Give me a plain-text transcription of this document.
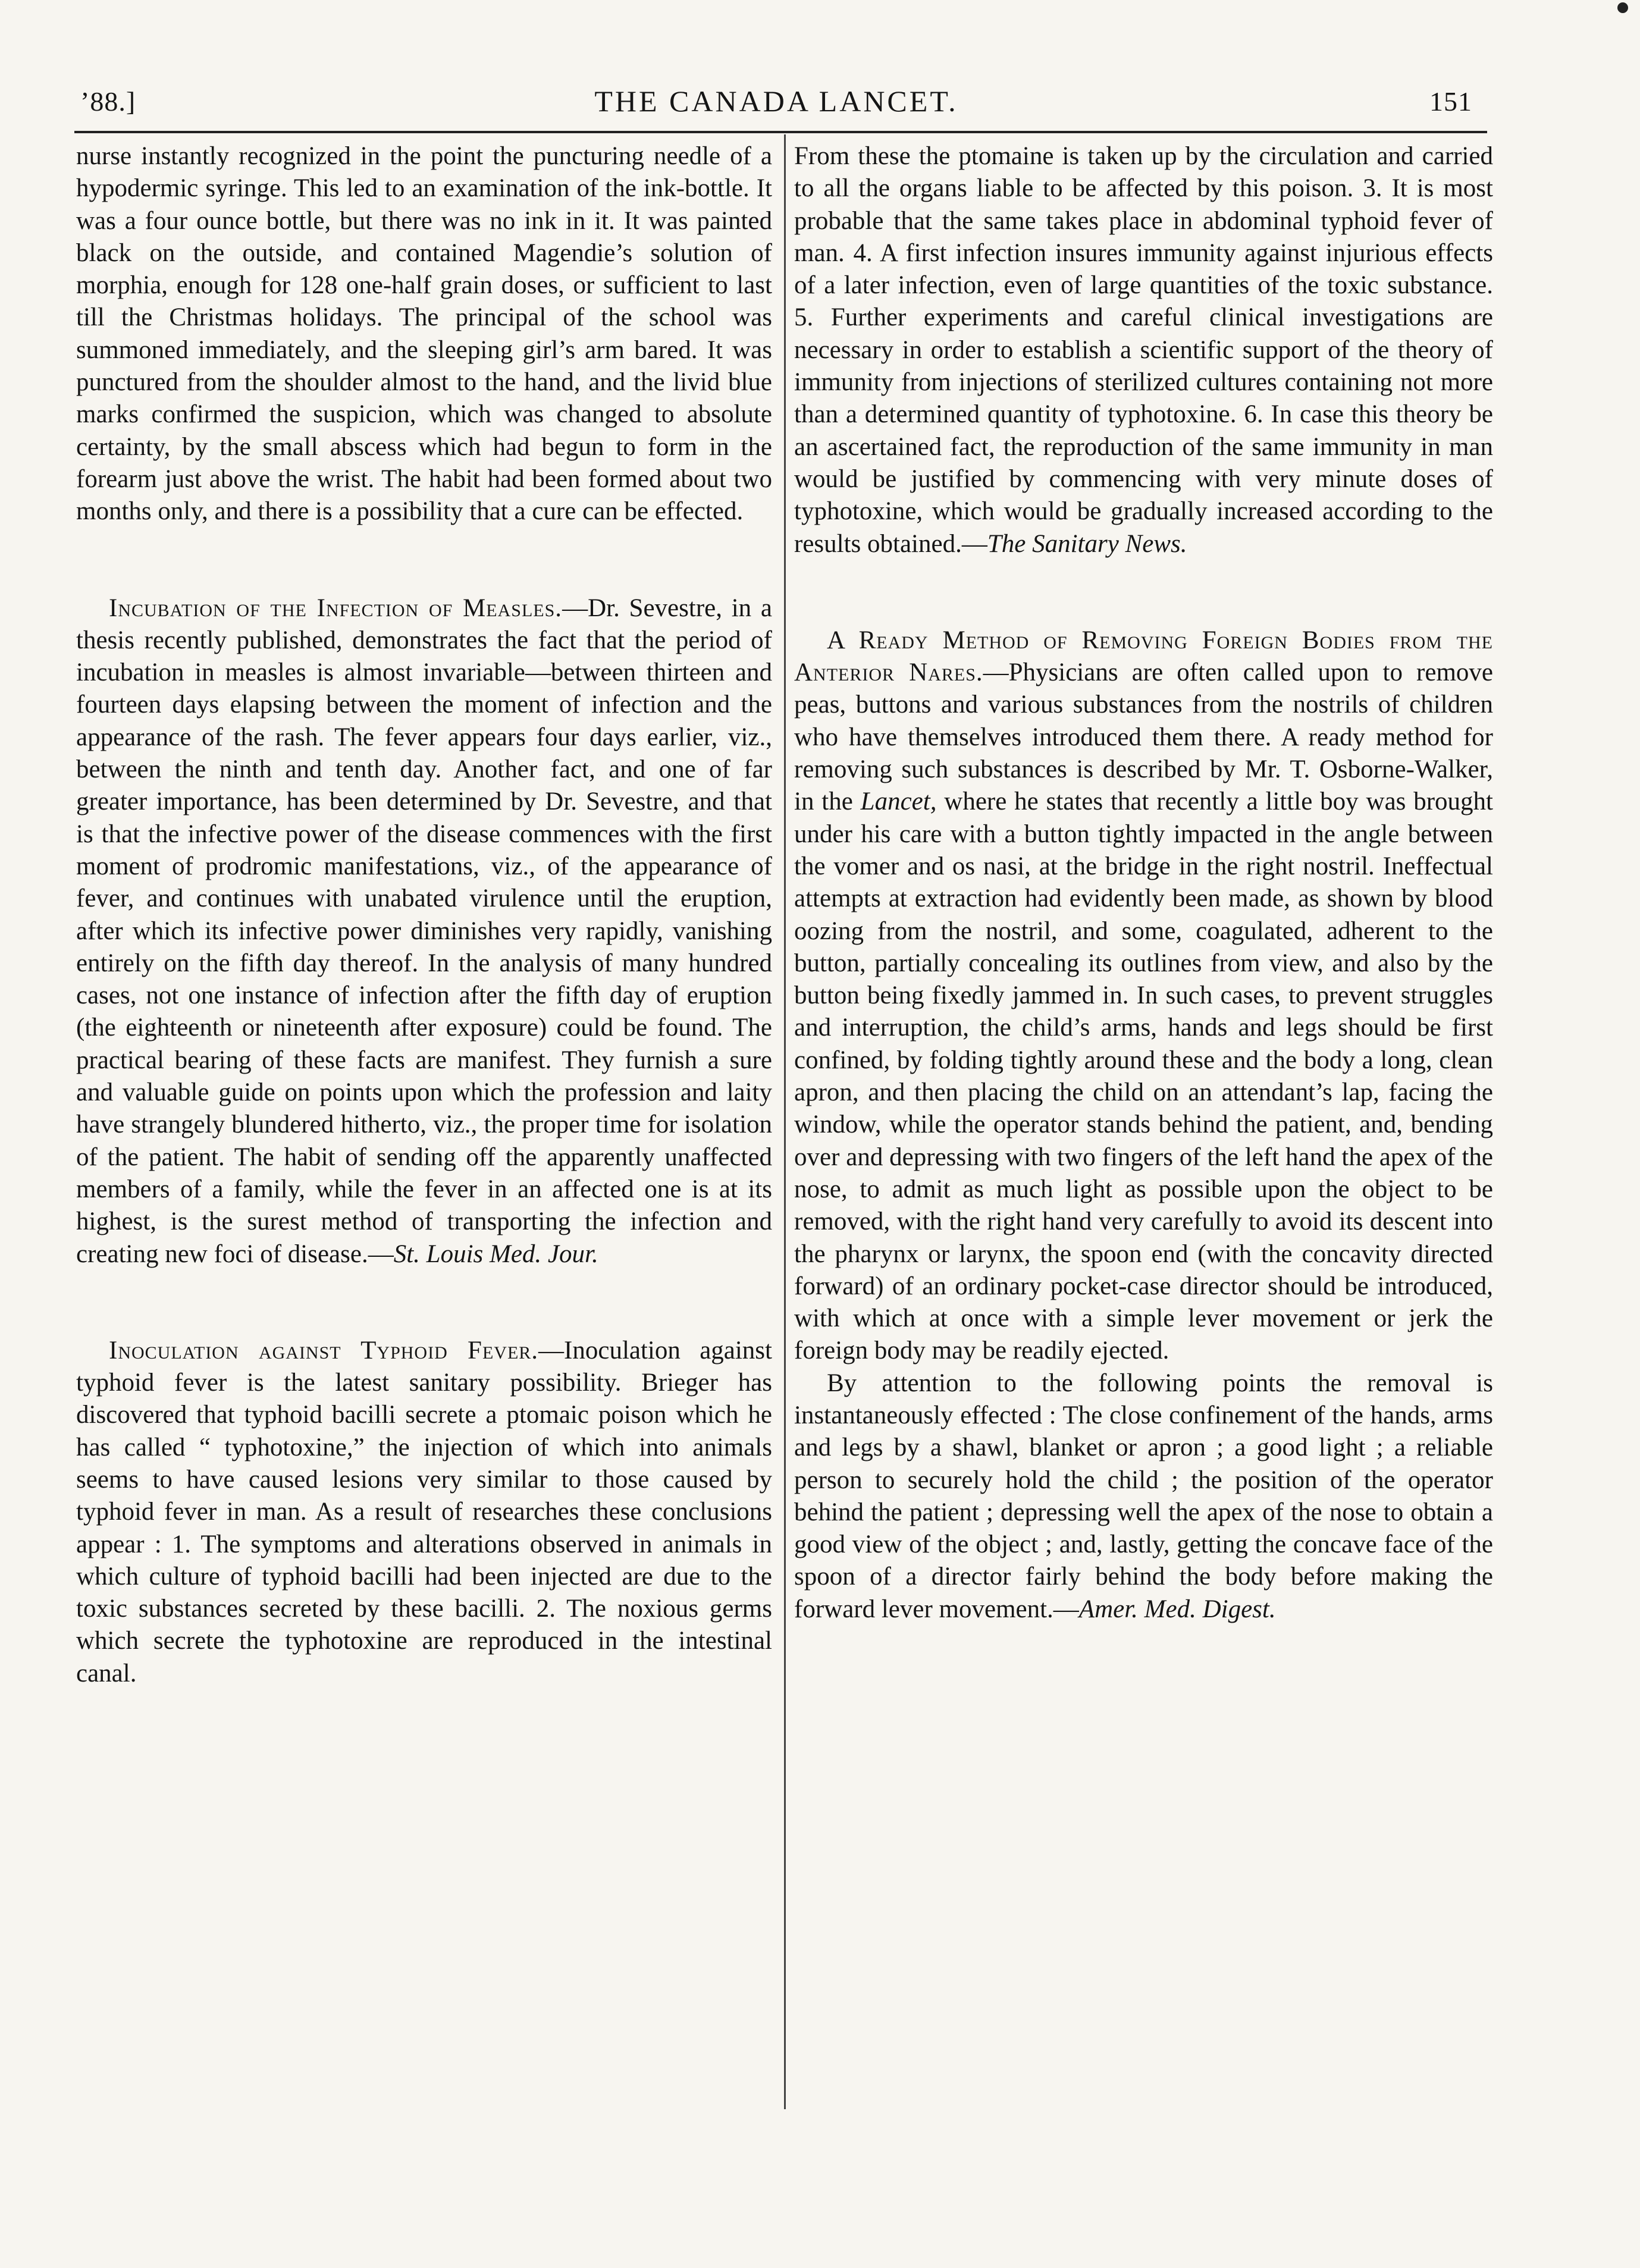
’88.]	THE CANADA LANCET.	151

nurse instantly recognized in the point the puncturing needle of a hypodermic syringe. This led to an examination of the ink-bottle. It was a four ounce bottle, but there was no ink in it. It was painted black on the outside, and contained Magendie’s solution of morphia, enough for 128 one-half grain doses, or sufficient to last till the Christmas holidays. The principal of the school was summoned immediately, and the sleeping girl’s arm bared. It was punctured from the shoulder almost to the hand, and the livid blue marks confirmed the suspicion, which was changed to absolute certainty, by the small abscess which had begun to form in the forearm just above the wrist. The habit had been formed about two months only, and there is a possibility that a cure can be effected.

Incubation of the Infection of Measles.—Dr. Sevestre, in a thesis recently published, demonstrates the fact that the period of incubation in measles is almost invariable—between thirteen and fourteen days elapsing between the moment of infection and the appearance of the rash. The fever appears four days earlier, viz., between the ninth and tenth day. Another fact, and one of far greater importance, has been determined by Dr. Sevestre, and that is that the infective power of the disease commences with the first moment of prodromic manifestations, viz., of the appearance of fever, and continues with unabated virulence until the eruption, after which its infective power diminishes very rapidly, vanishing entirely on the fifth day thereof. In the analysis of many hundred cases, not one instance of infection after the fifth day of eruption (the eighteenth or nineteenth after exposure) could be found. The practical bearing of these facts are manifest. They furnish a sure and valuable guide on points upon which the profession and laity have strangely blundered hitherto, viz., the proper time for isolation of the patient. The habit of sending off the apparently unaffected members of a family, while the fever in an affected one is at its highest, is the surest method of transporting the infection and creating new foci of disease.—St. Louis Med. Jour.

Inoculation against Typhoid Fever.—Inoculation against typhoid fever is the latest sanitary possibility. Brieger has discovered that typhoid bacilli secrete a ptomaic poison which he has called “ typhotoxine,” the injection of which into animals seems to have caused lesions very similar to those caused by typhoid fever in man. As a result of researches these conclusions appear : 1. The symptoms and alterations observed in animals in which culture of typhoid bacilli had been injected are due to the toxic substances secreted by these bacilli. 2. The noxious germs which secrete the typhotoxine are reproduced in the intestinal canal.

From these the ptomaine is taken up by the circulation and carried to all the organs liable to be affected by this poison. 3. It is most probable that the same takes place in abdominal typhoid fever of man. 4. A first infection insures immunity against injurious effects of a later infection, even of large quantities of the toxic substance. 5. Further experiments and careful clinical investigations are necessary in order to establish a scientific support of the theory of immunity from injections of sterilized cultures containing not more than a determined quantity of typhotoxine. 6. In case this theory be an ascertained fact, the reproduction of the same immunity in man would be justified by commencing with very minute doses of typhotoxine, which would be gradually increased according to the results obtained.—The Sanitary News.

A Ready Method of Removing Foreign Bodies from the Anterior Nares.—Physicians are often called upon to remove peas, buttons and various substances from the nostrils of children who have themselves introduced them there. A ready method for removing such substances is described by Mr. T. Osborne-Walker, in the Lancet, where he states that recently a little boy was brought under his care with a button tightly impacted in the angle between the vomer and os nasi, at the bridge in the right nostril. Ineffectual attempts at extraction had evidently been made, as shown by blood oozing from the nostril, and some, coagulated, adherent to the button, partially concealing its outlines from view, and also by the button being fixedly jammed in. In such cases, to prevent struggles and interruption, the child’s arms, hands and legs should be first confined, by folding tightly around these and the body a long, clean apron, and then placing the child on an attendant’s lap, facing the window, while the operator stands behind the patient, and, bending over and depressing with two fingers of the left hand the apex of the nose, to admit as much light as possible upon the object to be removed, with the right hand very carefully to avoid its descent into the pharynx or larynx, the spoon end (with the concavity directed forward) of an ordinary pocket-case director should be introduced, with which at once with a simple lever movement or jerk the foreign body may be readily ejected.

By attention to the following points the removal is instantaneously effected : The close confinement of the hands, arms and legs by a shawl, blanket or apron ; a good light ; a reliable person to securely hold the child ; the position of the operator behind the patient ; depressing well the apex of the nose to obtain a good view of the object ; and, lastly, getting the concave face of the spoon of a director fairly behind the body before making the forward lever movement.—Amer. Med. Digest.
